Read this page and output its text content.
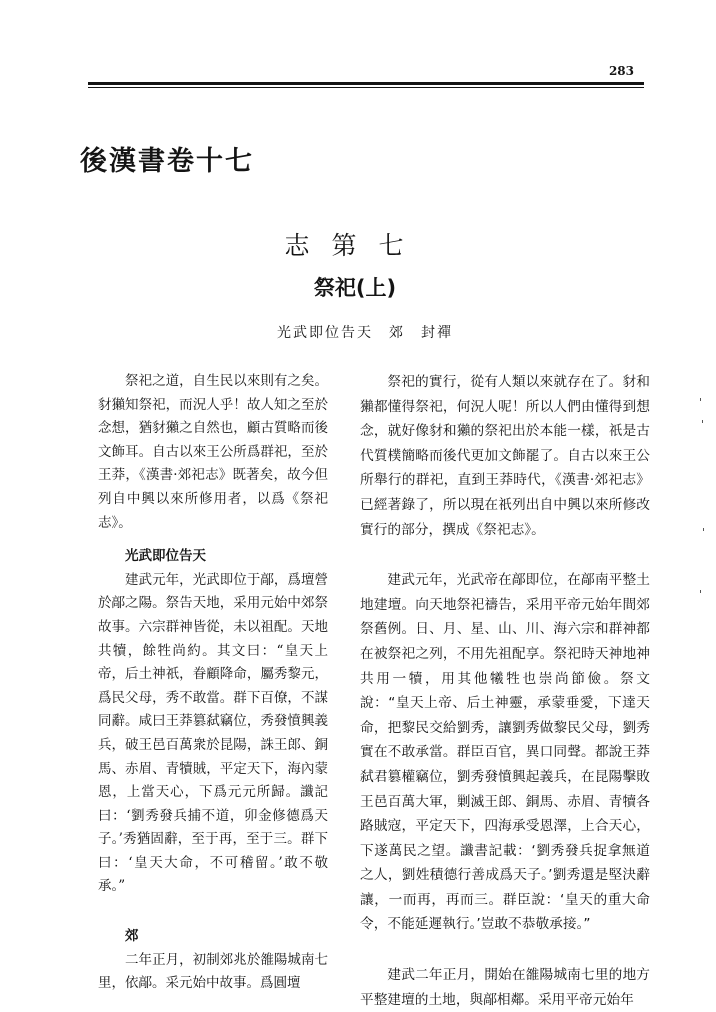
283
後漢書卷十七
志第七
祭祀(上)
光武即位告天　郊　封禪

祭祀之道，自生民以來則有之矣。豺獺知祭祀，而況人乎！故人知之至於念想，猶豺獺之自然也，顧古質略而後文飾耳。自古以來王公所爲群祀，至於王莽，《漢書·郊祀志》既著矣，故今但列自中興以來所修用者，以爲《祭祀志》。

光武即位告天

建武元年，光武即位于鄗，爲壇營於鄗之陽。祭告天地，采用元始中郊祭故事。六宗群神皆從，未以祖配。天地共犢，餘牲尚約。其文曰：“皇天上帝，后土神祇，眷顧降命，屬秀黎元，爲民父母，秀不敢當。群下百僚，不謀同辭。咸曰王莽篡弑竊位，秀發憤興義兵，破王邑百萬衆於昆陽，誅王郎、銅馬、赤眉、青犢賊，平定天下，海內蒙恩，上當天心，下爲元元所歸。讖記曰：‘劉秀發兵捕不道，卯金修德爲天子。’秀猶固辭，至于再，至于三。群下曰：‘皇天大命，不可稽留。’敢不敬承。”

郊

二年正月，初制郊兆於雒陽城南七里，依鄗。采元始中故事。爲圓壇

祭祀的實行，從有人類以來就存在了。豺和獺都懂得祭祀，何況人呢！所以人們由懂得到想念，就好像豺和獺的祭祀出於本能一樣，祇是古代質樸簡略而後代更加文飾罷了。自古以來王公所舉行的群祀，直到王莽時代，《漢書·郊祀志》已經著錄了，所以現在祇列出自中興以來所修改實行的部分，撰成《祭祀志》。

建武元年，光武帝在鄗即位，在鄗南平整土地建壇。向天地祭祀禱告，采用平帝元始年間郊祭舊例。日、月、星、山、川、海六宗和群神都在被祭祀之列，不用先祖配享。祭祀時天神地神共用一犢，用其他犧牲也崇尚節儉。祭文說：“皇天上帝、后土神靈，承蒙垂愛，下達天命，把黎民交給劉秀，讓劉秀做黎民父母，劉秀實在不敢承當。群臣百官，異口同聲。都說王莽弑君篡權竊位，劉秀發憤興起義兵，在昆陽擊敗王邑百萬大軍，剿滅王郎、銅馬、赤眉、青犢各路賊寇，平定天下，四海承受恩澤，上合天心，下遂萬民之望。讖書記載：‘劉秀發兵捉拿無道之人，劉姓積德行善成爲天子。’劉秀還是堅決辭讓，一而再，再而三。群臣說：‘皇天的重大命令，不能延遲執行。’豈敢不恭敬承接。”

建武二年正月，開始在雒陽城南七里的地方平整建壇的土地，與鄗相鄰。采用平帝元始年
